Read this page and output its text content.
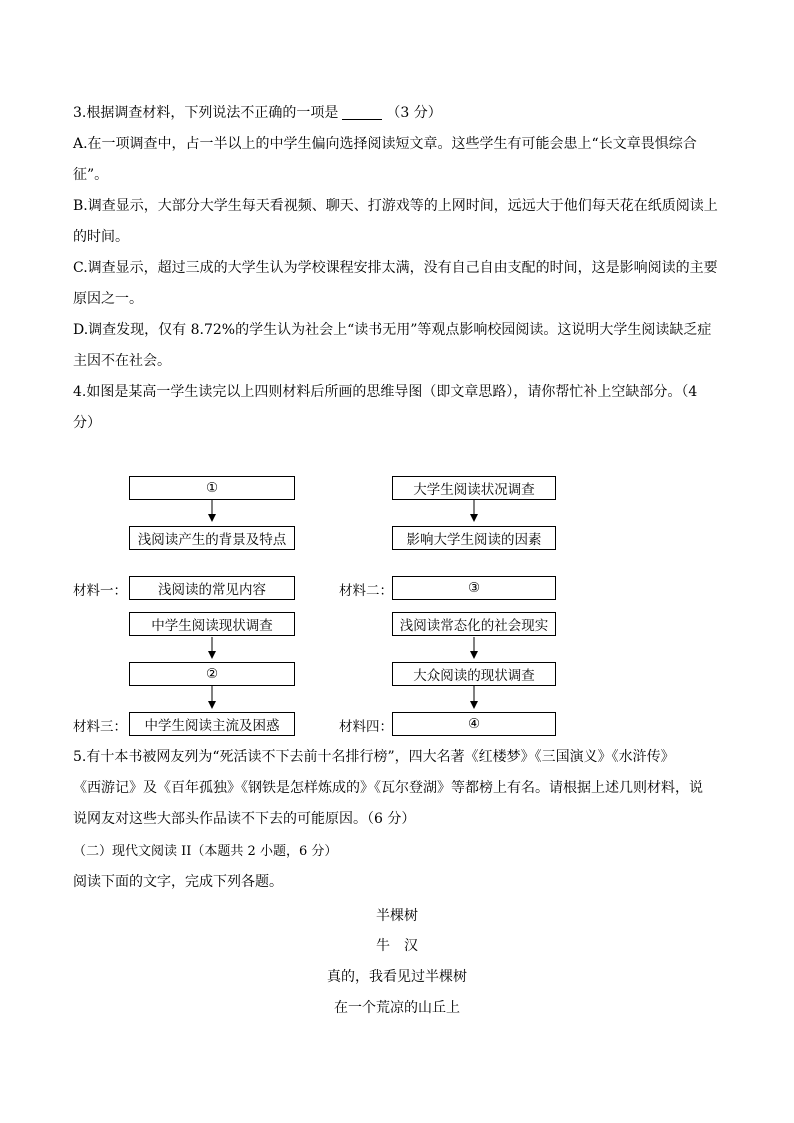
3.根据调查材料，下列说法不正确的一项是	（3 分）
A.在一项调查中，占一半以上的中学生偏向选择阅读短文章。这些学生有可能会患上“长文章畏惧综合
征”。
B.调查显示，大部分大学生每天看视频、聊天、打游戏等的上网时间，远远大于他们每天花在纸质阅读上
的时间。
C.调查显示，超过三成的大学生认为学校课程安排太满，没有自己自由支配的时间，这是影响阅读的主要
原因之一。
D.调查发现，仅有 8.72%的学生认为社会上“读书无用”等观点影响校园阅读。这说明大学生阅读缺乏症
主因不在社会。
4.如图是某高一学生读完以上四则材料后所画的思维导图（即文章思路），请你帮忙补上空缺部分。（4
分）
①
浅阅读产生的背景及特点
浅阅读的常见内容
中学生阅读现状调查
②
中学生阅读主流及困惑
大学生阅读状况调查
影响大学生阅读的因素
③
浅阅读常态化的社会现实
大众阅读的现状调查
④
材料一：	材料二：
材料三：	材料四：
5.有十本书被网友列为“死活读不下去前十名排行榜”，四大名著《红楼梦》《三国演义》《水浒传》
《西游记》及《百年孤独》《钢铁是怎样炼成的》《瓦尔登湖》等都榜上有名。请根据上述几则材料，说
说网友对这些大部头作品读不下去的可能原因。（6 分）
（二）现代文阅读 II（本题共 2 小题，6 分）
阅读下面的文字，完成下列各题。
半棵树
牛　汉
真的，我看见过半棵树
在一个荒凉的山丘上
